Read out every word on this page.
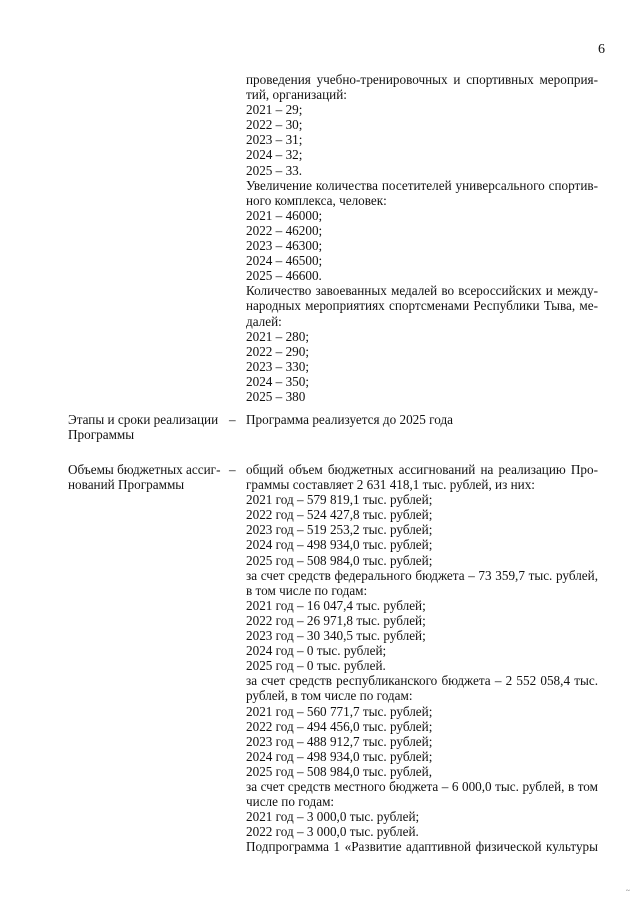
6
проведения учебно-тренировочных и спортивных мероприя-
тий, организаций:
2021 – 29;
2022 – 30;
2023 – 31;
2024 – 32;
2025 – 33.
Увеличение количества посетителей универсального спортив-
ного комплекса, человек:
2021 – 46000;
2022 – 46200;
2023 – 46300;
2024 – 46500;
2025 – 46600.
Количество завоеванных медалей во всероссийских и между-
народных мероприятиях спортсменами Республики Тыва, ме-
далей:
2021 – 280;
2022 – 290;
2023 – 330;
2024 – 350;
2025 – 380
Этапы и сроки реализации
Программы
– Программа реализуется до 2025 года
Объемы бюджетных ассиг-
нований Программы
– общий объем бюджетных ассигнований на реализацию Про-
граммы составляет 2 631 418,1 тыс. рублей, из них:
2021 год – 579 819,1 тыс. рублей;
2022 год – 524 427,8 тыс. рублей;
2023 год – 519 253,2 тыс. рублей;
2024 год – 498 934,0 тыс. рублей;
2025 год – 508 984,0 тыс. рублей;
за счет средств федерального бюджета – 73 359,7 тыс. рублей,
в том числе по годам:
2021 год – 16 047,4 тыс. рублей;
2022 год – 26 971,8 тыс. рублей;
2023 год – 30 340,5 тыс. рублей;
2024 год – 0 тыс. рублей;
2025 год – 0 тыс. рублей.
за счет средств республиканского бюджета – 2 552 058,4 тыс.
рублей, в том числе по годам:
2021 год – 560 771,7 тыс. рублей;
2022 год – 494 456,0 тыс. рублей;
2023 год – 488 912,7 тыс. рублей;
2024 год – 498 934,0 тыс. рублей;
2025 год – 508 984,0 тыс. рублей,
за счет средств местного бюджета – 6 000,0 тыс. рублей, в том
числе по годам:
2021 год – 3 000,0 тыс. рублей;
2022 год – 3 000,0 тыс. рублей.
Подпрограмма 1 «Развитие адаптивной физической культуры
~
